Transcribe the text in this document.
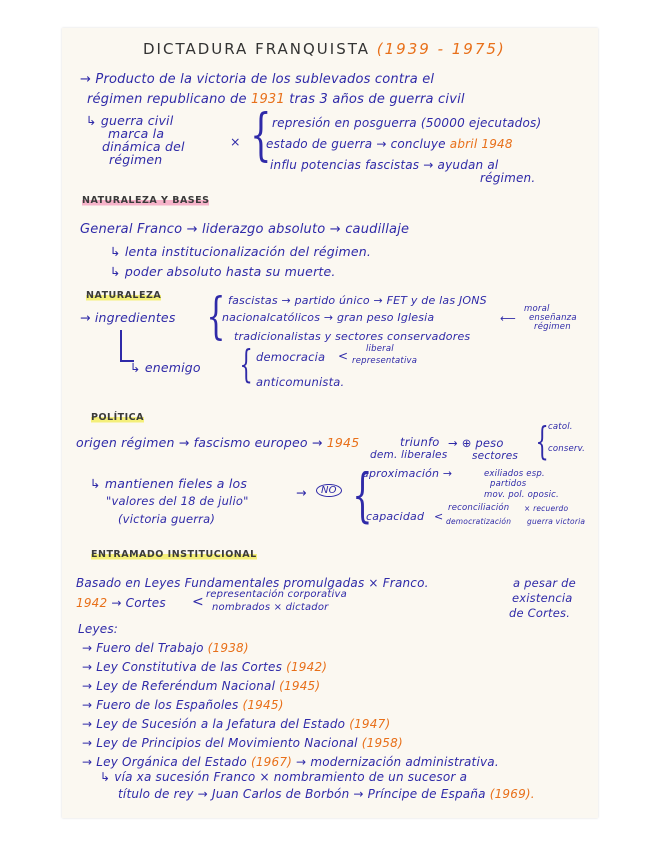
DICTADURA FRANQUISTA (1939 - 1975)
→ Producto de la victoria de los sublevados contra el
régimen republicano de 1931 tras 3 años de guerra civil
↳ guerra civil
marca la
dinámica del
régimen
× { represión en posguerra (50000 ejecutados)
estado de guerra → concluye abril 1948
influ potencias fascistas → ayudan al
régimen.
NATURALEZA Y BASES
General Franco → liderazgo absoluto → caudillaje
↳ lenta institucionalización del régimen.
↳ poder absoluto hasta su muerte.
NATURALEZA
→ ingredientes { fascistas → partido único → FET y de las JONS
nacionalcatólicos → gran peso Iglesia
moral
⟵ enseñanza
régimen
tradicionalistas y sectores conservadores
↳ enemigo { democracia < liberal
representativa
anticomunista.
POLÍTICA
origen régimen → fascismo europeo → 1945	triunfo
dem. liberales
→ ⊕ peso
sectores { catol.
conserv.
↳ mantienen fieles a los
"valores del 18 de julio"
(victoria guerra)
→	NO {
aproximación →	exiliados esp.
partidos
mov. pol. oposic.
capacidad <
reconciliación
democratización
× recuerdo
guerra victoria
ENTRAMADO INSTITUCIONAL
Basado en Leyes Fundamentales promulgadas × Franco.	a pesar de
existencia
de Cortes.
1942 → Cortes < representación corporativa
nombrados × dictador
Leyes:
→ Fuero del Trabajo (1938)
→ Ley Constitutiva de las Cortes (1942)
→ Ley de Referéndum Nacional (1945)
→ Fuero de los Españoles (1945)
→ Ley de Sucesión a la Jefatura del Estado (1947)
→ Ley de Principios del Movimiento Nacional (1958)
→ Ley Orgánica del Estado (1967) → modernización administrativa.
↳ vía xa sucesión Franco × nombramiento de un sucesor a
título de rey → Juan Carlos de Borbón → Príncipe de España (1969).
